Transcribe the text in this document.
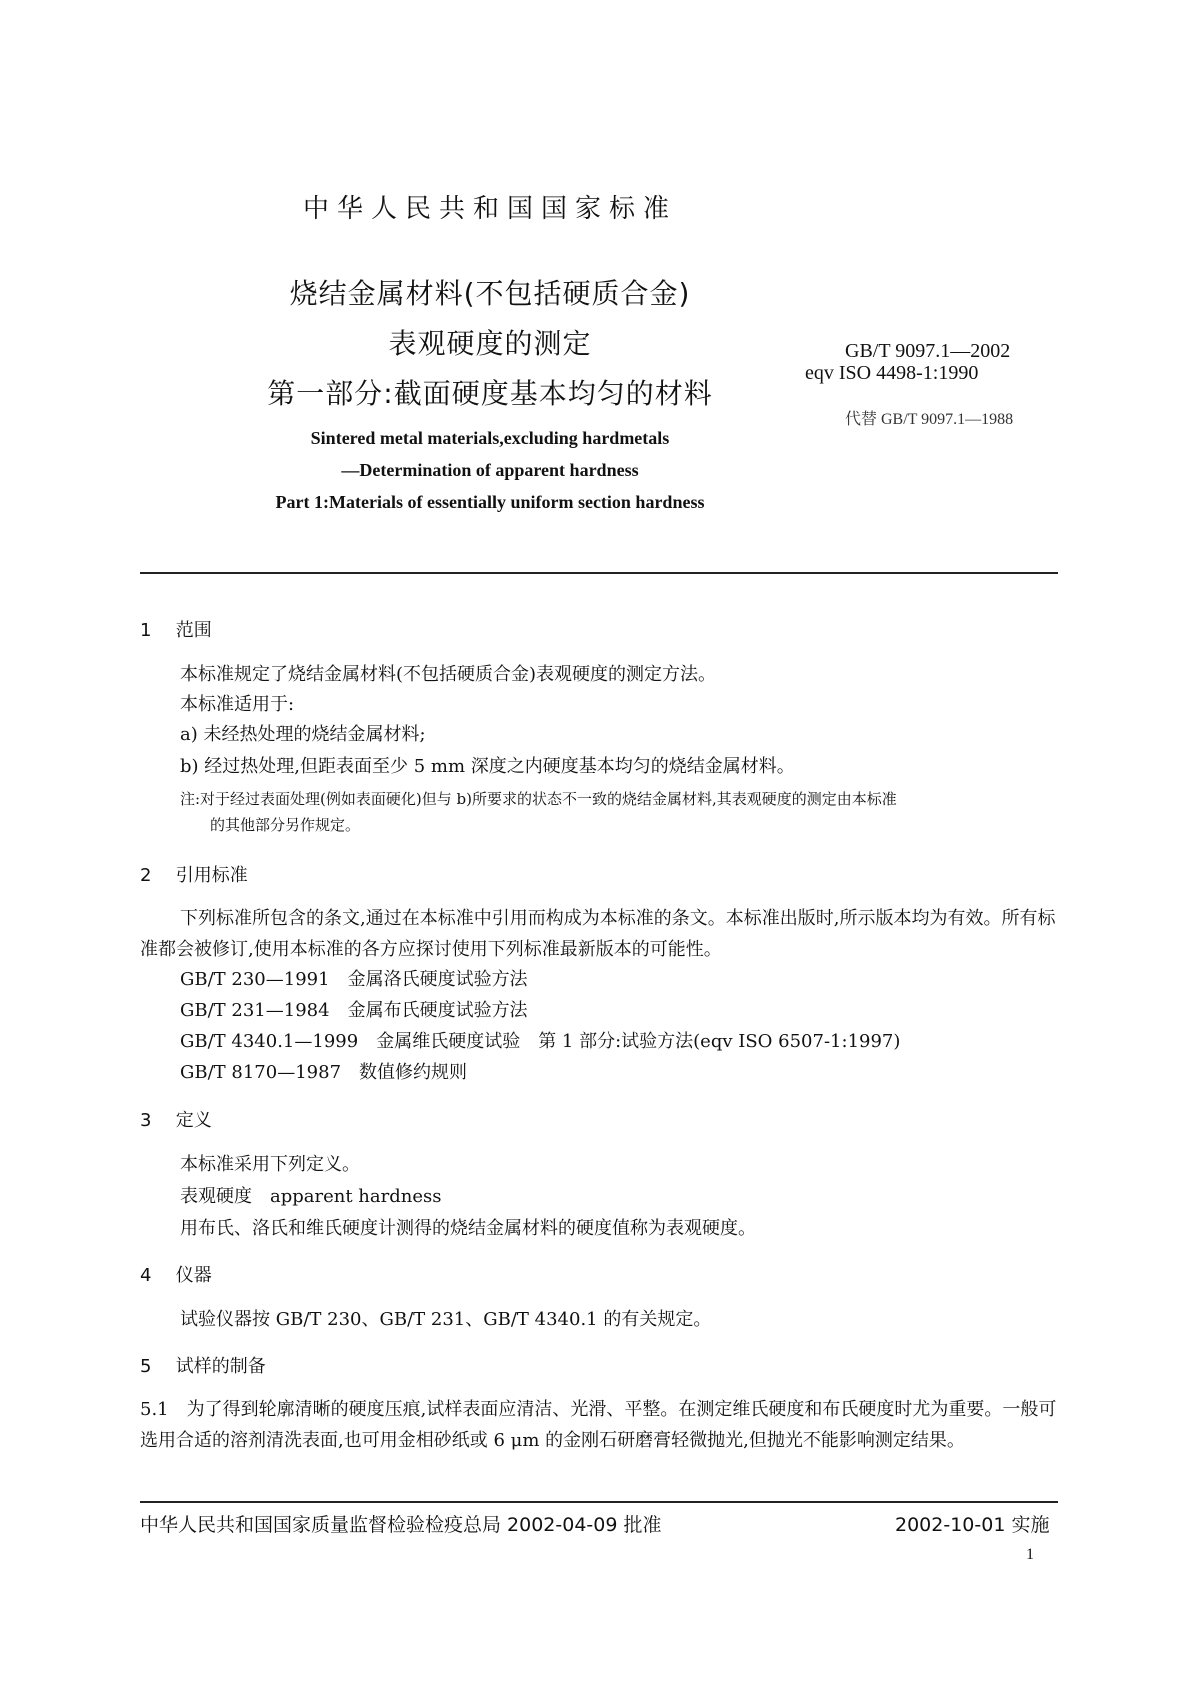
中华人民共和国国家标准
烧结金属材料(不包括硬质合金)
表观硬度的测定
第一部分:截面硬度基本均匀的材料
GB/T 9097.1—2002
eqv ISO 4498-1:1990
代替 GB/T 9097.1—1988
Sintered metal materials,excluding hardmetals
—Determination of apparent hardness
Part 1:Materials of essentially uniform section hardness
1 范围
本标准规定了烧结金属材料(不包括硬质合金)表观硬度的测定方法。
本标准适用于:
a) 未经热处理的烧结金属材料;
b) 经过热处理,但距表面至少 5 mm 深度之内硬度基本均匀的烧结金属材料。
注:对于经过表面处理(例如表面硬化)但与 b)所要求的状态不一致的烧结金属材料,其表观硬度的测定由本标准
的其他部分另作规定。
2 引用标准
下列标准所包含的条文,通过在本标准中引用而构成为本标准的条文。本标准出版时,所示版本均为有效。所有标准都会被修订,使用本标准的各方应探讨使用下列标准最新版本的可能性。
GB/T 230—1991　金属洛氏硬度试验方法
GB/T 231—1984　金属布氏硬度试验方法
GB/T 4340.1—1999　金属维氏硬度试验　第 1 部分:试验方法(eqv ISO 6507-1:1997)
GB/T 8170—1987　数值修约规则
3 定义
本标准采用下列定义。
表观硬度　apparent hardness
用布氏、洛氏和维氏硬度计测得的烧结金属材料的硬度值称为表观硬度。
4 仪器
试验仪器按 GB/T 230、GB/T 231、GB/T 4340.1 的有关规定。
5 试样的制备
5.1　为了得到轮廓清晰的硬度压痕,试样表面应清洁、光滑、平整。在测定维氏硬度和布氏硬度时尤为重要。一般可选用合适的溶剂清洗表面,也可用金相砂纸或 6 μm 的金刚石研磨膏轻微抛光,但抛光不能影响测定结果。
中华人民共和国国家质量监督检验检疫总局 2002-04-09 批准	2002-10-01 实施
1
